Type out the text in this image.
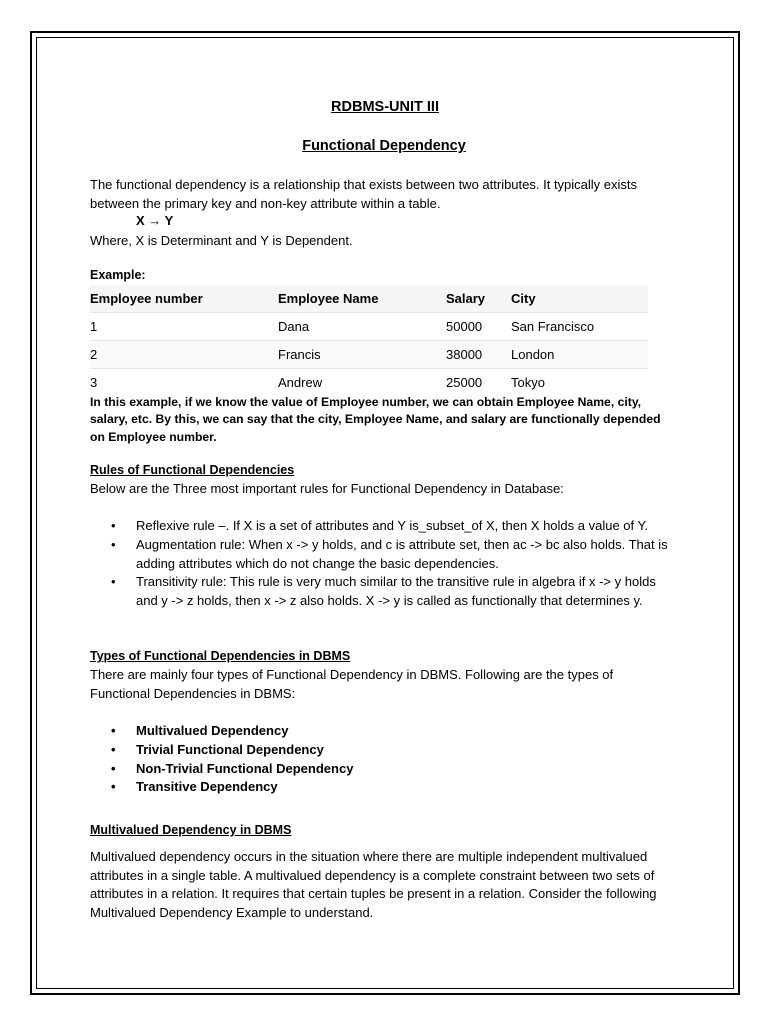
RDBMS-UNIT III
Functional Dependency
The functional dependency is a relationship that exists between two attributes. It typically exists between the primary key and non-key attribute within a table.
X → Y
Where, X is Determinant and Y is Dependent.
Example:
Employee number	Employee Name	Salary	City
1	Dana	50000	San Francisco
2	Francis	38000	London
3	Andrew	25000	Tokyo
In this example, if we know the value of Employee number, we can obtain Employee Name, city, salary, etc. By this, we can say that the city, Employee Name, and salary are functionally depended on Employee number.
Rules of Functional Dependencies
Below are the Three most important rules for Functional Dependency in Database:
• Reflexive rule –. If X is a set of attributes and Y is_subset_of X, then X holds a value of Y.
• Augmentation rule: When x -> y holds, and c is attribute set, then ac -> bc also holds. That is adding attributes which do not change the basic dependencies.
• Transitivity rule: This rule is very much similar to the transitive rule in algebra if x -> y holds and y -> z holds, then x -> z also holds. X -> y is called as functionally that determines y.
Types of Functional Dependencies in DBMS
There are mainly four types of Functional Dependency in DBMS. Following are the types of Functional Dependencies in DBMS:
• Multivalued Dependency
• Trivial Functional Dependency
• Non-Trivial Functional Dependency
• Transitive Dependency
Multivalued Dependency in DBMS
Multivalued dependency occurs in the situation where there are multiple independent multivalued attributes in a single table. A multivalued dependency is a complete constraint between two sets of attributes in a relation. It requires that certain tuples be present in a relation. Consider the following Multivalued Dependency Example to understand.
